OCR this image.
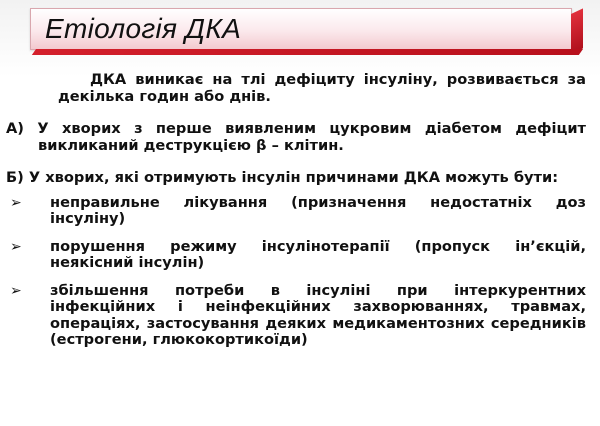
Етіологія ДКА

ДКА виникає на тлі дефіциту інсуліну, розвивається за декілька годин або днів.

А) У хворих з перше виявленим цукровим діабетом дефіцит викликаний деструкцією β – клітин.

Б) У хворих, які отримують інсулін причинами ДКА можуть бути:

➢ неправильне лікування (призначення недостатніх доз інсуліну)
➢ порушення режиму інсулінотерапії (пропуск ін’єкцій, неякісний інсулін)
➢ збільшення потреби в інсуліні при інтеркурентних інфекційних і неінфекційних захворюваннях, травмах, операціях, застосування деяких медикаментозних середників (естрогени, глюкокортикоїди)
